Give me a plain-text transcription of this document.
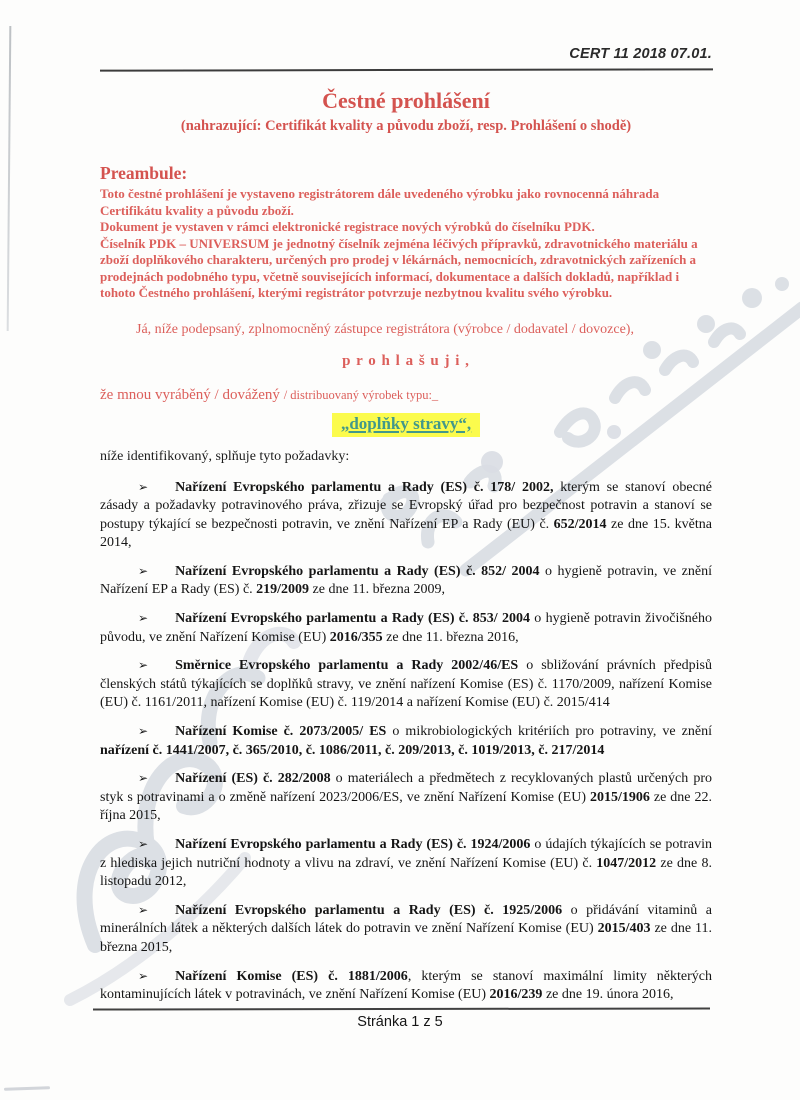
CERT 11 2018 07.01.
Čestné prohlášení
(nahrazující: Certifikát kvality a původu zboží, resp. Prohlášení o shodě)
Preambule:

Toto čestné prohlášení je vystaveno registrátorem dále uvedeného výrobku jako rovnocenná náhrada Certifikátu kvality a původu zboží.

Dokument je vystaven v rámci elektronické registrace nových výrobků do číselníku PDK.

Číselník PDK – UNIVERSUM je jednotný číselník zejména léčivých přípravků, zdravotnického materiálu a zboží doplňkového charakteru, určených pro prodej v lékárnách, nemocnicích, zdravotnických zařízeních a prodejnách podobného typu, včetně souvisejících informací, dokumentace a dalších dokladů, například i tohoto Čestného prohlášení, kterými registrátor potvrzuje nezbytnou kvalitu svého výrobku.

Já, níže podepsaný, zplnomocněný zástupce registrátora (výrobce / dodavatel / dovozce),

p r o h l a š u j i ,

že mnou vyráběný / dovážený / distribuovaný výrobek typu:_

„doplňky stravy“,

níže identifikovaný, splňuje tyto požadavky:

➢ Nařízení Evropského parlamentu a Rady (ES) č. 178/ 2002, kterým se stanoví obecné zásady a požadavky potravinového práva, zřizuje se Evropský úřad pro bezpečnost potravin a stanoví se postupy týkající se bezpečnosti potravin, ve znění Nařízení EP a Rady (EU) č. 652/2014 ze dne 15. května 2014,

➢ Nařízení Evropského parlamentu a Rady (ES) č. 852/ 2004 o hygieně potravin, ve znění Nařízení EP a Rady (ES) č. 219/2009 ze dne 11. března 2009,

➢ Nařízení Evropského parlamentu a Rady (ES) č. 853/ 2004 o hygieně potravin živočišného původu, ve znění Nařízení Komise (EU) 2016/355 ze dne 11. března 2016,

➢ Směrnice Evropského parlamentu a Rady 2002/46/ES o sbližování právních předpisů členských států týkajících se doplňků stravy, ve znění nařízení Komise (ES) č. 1170/2009, nařízení Komise (EU) č. 1161/2011, nařízení Komise (EU) č. 119/2014 a nařízení Komise (EU) č. 2015/414

➢ Nařízení Komise č. 2073/2005/ ES o mikrobiologických kritériích pro potraviny, ve znění nařízení č. 1441/2007, č. 365/2010, č. 1086/2011, č. 209/2013, č. 1019/2013, č. 217/2014

➢ Nařízení (ES) č. 282/2008 o materiálech a předmětech z recyklovaných plastů určených pro styk s potravinami a o změně nařízení 2023/2006/ES, ve znění Nařízení Komise (EU) 2015/1906 ze dne 22. října 2015,

➢ Nařízení Evropského parlamentu a Rady (ES) č. 1924/2006 o údajích týkajících se potravin z hlediska jejich nutriční hodnoty a vlivu na zdraví, ve znění Nařízení Komise (EU) č. 1047/2012 ze dne 8. listopadu 2012,

➢ Nařízení Evropského parlamentu a Rady (ES) č. 1925/2006 o přidávání vitaminů a minerálních látek a některých dalších látek do potravin ve znění Nařízení Komise (EU) 2015/403 ze dne 11. března 2015,

➢ Nařízení Komise (ES) č. 1881/2006, kterým se stanoví maximální limity některých kontaminujících látek v potravinách, ve znění Nařízení Komise (EU) 2016/239 ze dne 19. února 2016,

Stránka 1 z 5
